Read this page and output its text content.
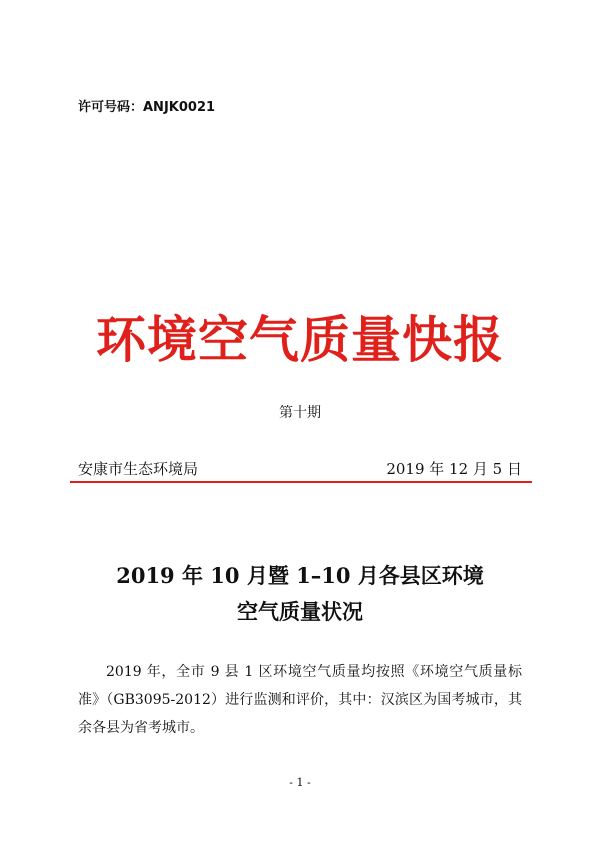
许可号码：ANJK0021
环境空气质量快报
第十期
安康市生态环境局	2019 年 12 月 5 日
2019 年 10 月暨 1–10 月各县区环境
空气质量状况
2019 年，全市 9 县 1 区环境空气质量均按照《环境空气质量标准》（GB3095-2012）进行监测和评价，其中：汉滨区为国考城市，其余各县为省考城市。
- 1 -
